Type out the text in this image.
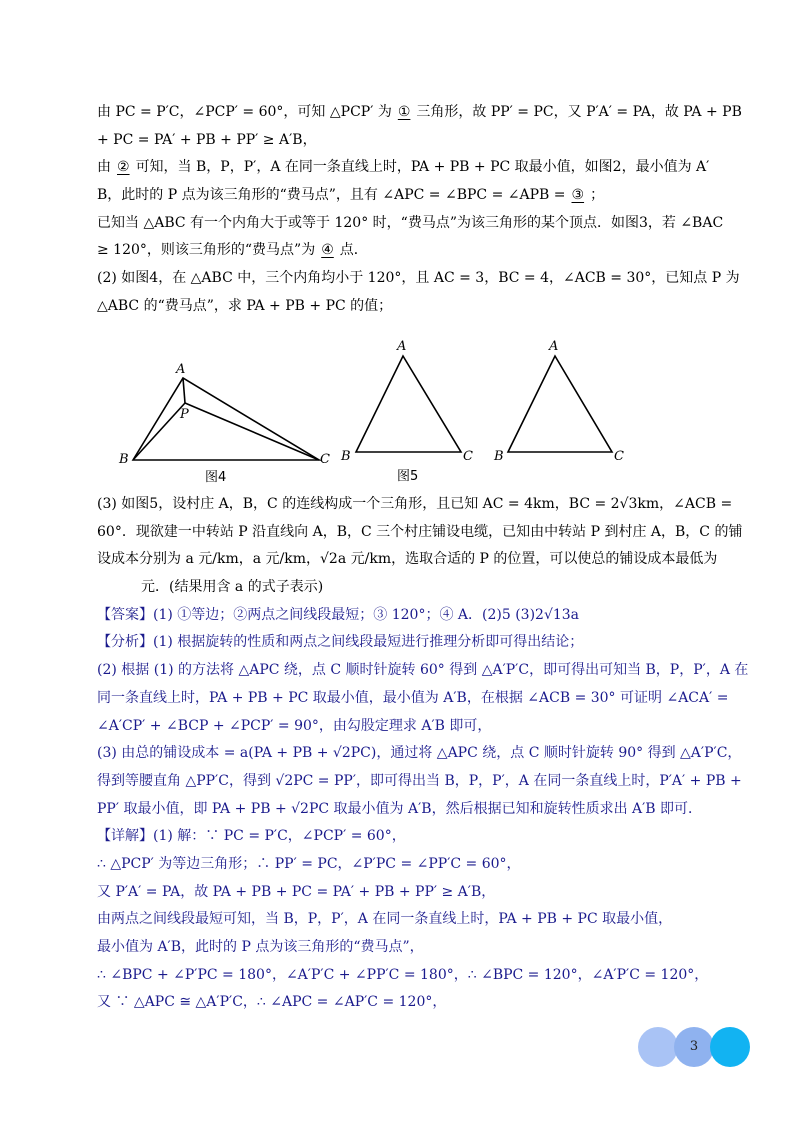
由 PC = P′C，∠PCP′ = 60°，可知 △PCP′ 为 ① 三角形，故 PP′ = PC，又 P′A′ = PA，故 PA + PB
+ PC = PA′ + PB + PP′ ≥ A′B，
由 ② 可知，当 B，P，P′，A 在同一条直线上时，PA + PB + PC 取最小值，如图2，最小值为 A′
B，此时的 P 点为该三角形的“费马点”，且有 ∠APC = ∠BPC = ∠APB = ③ ；
已知当 △ABC 有一个内角大于或等于 120° 时，“费马点”为该三角形的某个顶点．如图3，若 ∠BAC
≥ 120°，则该三角形的“费马点”为 ④ 点．
(2) 如图4，在 △ABC 中，三个内角均小于 120°，且 AC = 3，BC = 4，∠ACB = 30°，已知点 P 为
△ABC 的“费马点”，求 PA + PB + PC 的值；
A
P
B	C
图4
A
B	C
图5
A
B	C
(3) 如图5，设村庄 A，B，C 的连线构成一个三角形，且已知 AC = 4km，BC = 2√3km，∠ACB =
60°．现欲建一中转站 P 沿直线向 A，B，C 三个村庄铺设电缆，已知由中转站 P 到村庄 A，B，C 的铺
设成本分别为 a 元/km，a 元/km，√2a 元/km，选取合适的 P 的位置，可以使总的铺设成本最低为
元．(结果用含 a 的式子表示)
【答案】(1) ①等边；②两点之间线段最短；③ 120°；④ A．(2)5 (3)2√13a
【分析】(1) 根据旋转的性质和两点之间线段最短进行推理分析即可得出结论；
(2) 根据 (1) 的方法将 △APC 绕，点 C 顺时针旋转 60° 得到 △A′P′C，即可得出可知当 B，P，P′，A 在
同一条直线上时，PA + PB + PC 取最小值，最小值为 A′B，在根据 ∠ACB = 30° 可证明 ∠ACA′ =
∠A′CP′ + ∠BCP + ∠PCP′ = 90°，由勾股定理求 A′B 即可，
(3) 由总的铺设成本 = a(PA + PB + √2PC)，通过将 △APC 绕，点 C 顺时针旋转 90° 得到 △A′P′C，
得到等腰直角 △PP′C，得到 √2PC = PP′，即可得出当 B，P，P′，A 在同一条直线上时，P′A′ + PB +
PP′ 取最小值，即 PA + PB + √2PC 取最小值为 A′B，然后根据已知和旋转性质求出 A′B 即可．
【详解】(1) 解：∵ PC = P′C，∠PCP′ = 60°，
∴ △PCP′ 为等边三角形；∴ PP′ = PC，∠P′PC = ∠PP′C = 60°，
又 P′A′ = PA，故 PA + PB + PC = PA′ + PB + PP′ ≥ A′B，
由两点之间线段最短可知，当 B，P，P′，A 在同一条直线上时，PA + PB + PC 取最小值，
最小值为 A′B，此时的 P 点为该三角形的“费马点”，
∴ ∠BPC + ∠P′PC = 180°，∠A′P′C + ∠PP′C = 180°，∴ ∠BPC = 120°，∠A′P′C = 120°，
又 ∵ △APC ≅ △A′P′C，∴ ∠APC = ∠AP′C = 120°，
3
